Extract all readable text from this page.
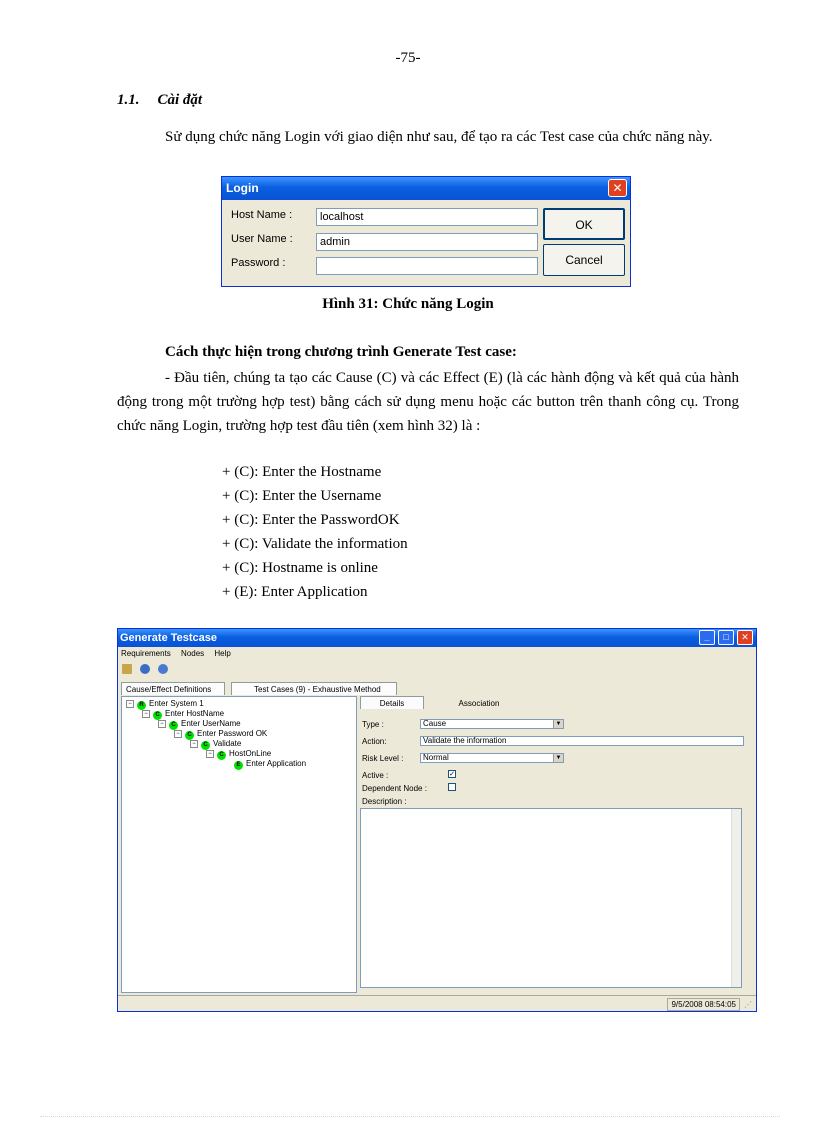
-75-
1.1. Cài đặt
Sử dụng chức năng Login với giao diện như sau, để tạo ra các Test case của chức năng này.
Login	✕
Host Name :	localhost
User Name :	admin
Password :
OK
Cancel
Hình 31: Chức năng Login
Cách thực hiện trong chương trình Generate Test case:
- Đầu tiên, chúng ta tạo các Cause (C) và các Effect (E) (là các hành động và kết quả của hành động trong một trường hợp test) bằng cách sử dụng menu hoặc các button trên thanh công cụ. Trong chức năng Login, trường hợp test đầu tiên (xem hình 32) là :
+ (C): Enter the Hostname
+ (C): Enter the Username
+ (C): Enter the PasswordOK
+ (C): Validate the information
+ (C): Hostname is online
+ (E): Enter Application
Generate Testcase	_	□	✕
Requirements Nodes Help

Cause/Effect Definitions	Test Cases (9) - Exhaustive Method
− R Enter System 1
− C Enter HostName
− C Enter UserName
− C Enter Password OK
− C Validate
− C HostOnLine
E Enter Application
Details	Association
Type :	Cause	▼
Action:	Validate the information
Risk Level :	Normal	▼
Active :	✓
Dependent Node :
Description :
9/5/2008 08:54:05	⋰
